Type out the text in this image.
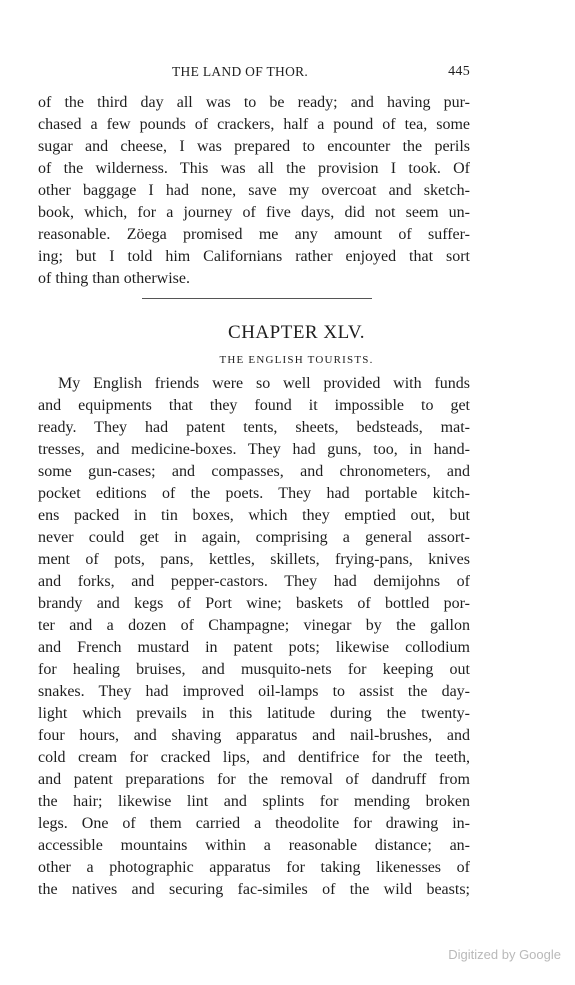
THE LAND OF THOR.	445
of the third day all was to be ready; and having pur-
chased a few pounds of crackers, half a pound of tea, some
sugar and cheese, I was prepared to encounter the perils
of the wilderness. This was all the provision I took. Of
other baggage I had none, save my overcoat and sketch-
book, which, for a journey of five days, did not seem un-
reasonable. Zöega promised me any amount of suffer-
ing; but I told him Californians rather enjoyed that sort
of thing than otherwise.
CHAPTER XLV.
THE ENGLISH TOURISTS.
My English friends were so well provided with funds
and equipments that they found it impossible to get
ready. They had patent tents, sheets, bedsteads, mat-
tresses, and medicine-boxes. They had guns, too, in hand-
some gun-cases; and compasses, and chronometers, and
pocket editions of the poets. They had portable kitch-
ens packed in tin boxes, which they emptied out, but
never could get in again, comprising a general assort-
ment of pots, pans, kettles, skillets, frying-pans, knives
and forks, and pepper-castors. They had demijohns of
brandy and kegs of Port wine; baskets of bottled por-
ter and a dozen of Champagne; vinegar by the gallon
and French mustard in patent pots; likewise collodium
for healing bruises, and musquito-nets for keeping out
snakes. They had improved oil-lamps to assist the day-
light which prevails in this latitude during the twenty-
four hours, and shaving apparatus and nail-brushes, and
cold cream for cracked lips, and dentifrice for the teeth,
and patent preparations for the removal of dandruff from
the hair; likewise lint and splints for mending broken
legs. One of them carried a theodolite for drawing in-
accessible mountains within a reasonable distance; an-
other a photographic apparatus for taking likenesses of
the natives and securing fac-similes of the wild beasts;
Digitized by Google
